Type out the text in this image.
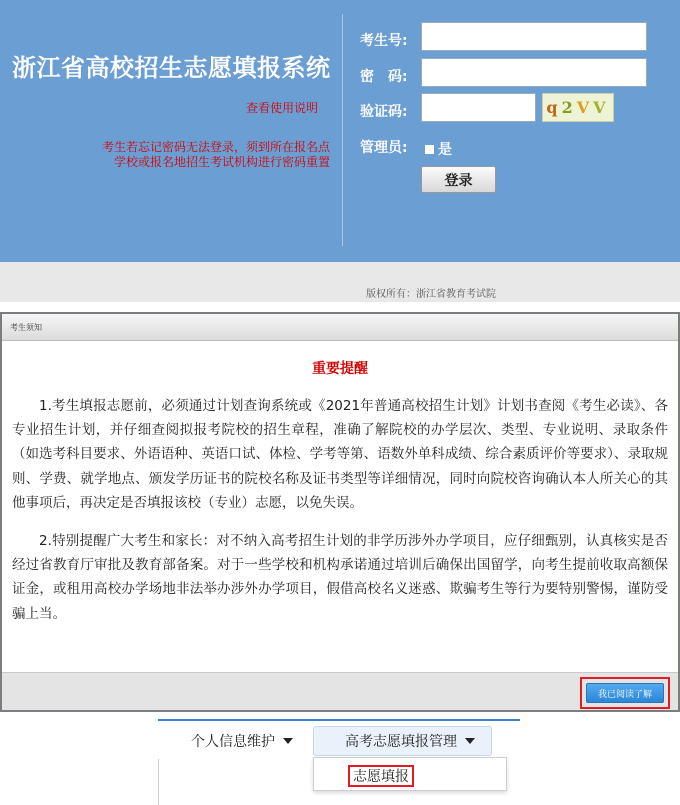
浙江省高校招生志愿填报系统
查看使用说明
考生若忘记密码无法登录，须到所在报名点
学校或报名地招生考试机构进行密码重置
考生号:
密　码:
验证码:	q 2 V V
管理员: 是
登录
版权所有：浙江省教育考试院
考生须知
重要提醒

1.考生填报志愿前，必须通过计划查询系统或《2021年普通高校招生计划》计划书查阅《考生必读》、各专业招生计划，并仔细查阅拟报考院校的招生章程，准确了解院校的办学层次、类型、专业说明、录取条件（如选考科目要求、外语语种、英语口试、体检、学考等第、语数外单科成绩、综合素质评价等要求）、录取规则、学费、就学地点、颁发学历证书的院校名称及证书类型等详细情况，同时向院校咨询确认本人所关心的其他事项后，再决定是否填报该校（专业）志愿，以免失误。

2.特别提醒广大考生和家长：对不纳入高考招生计划的非学历涉外办学项目，应仔细甄别，认真核实是否经过省教育厅审批及教育部备案。对于一些学校和机构承诺通过培训后确保出国留学，向考生提前收取高额保证金，或租用高校办学场地非法举办涉外办学项目，假借高校名义迷惑、欺骗考生等行为要特别警惕，谨防受骗上当。

我已阅读了解
个人信息维护	高考志愿填报管理
志愿填报
